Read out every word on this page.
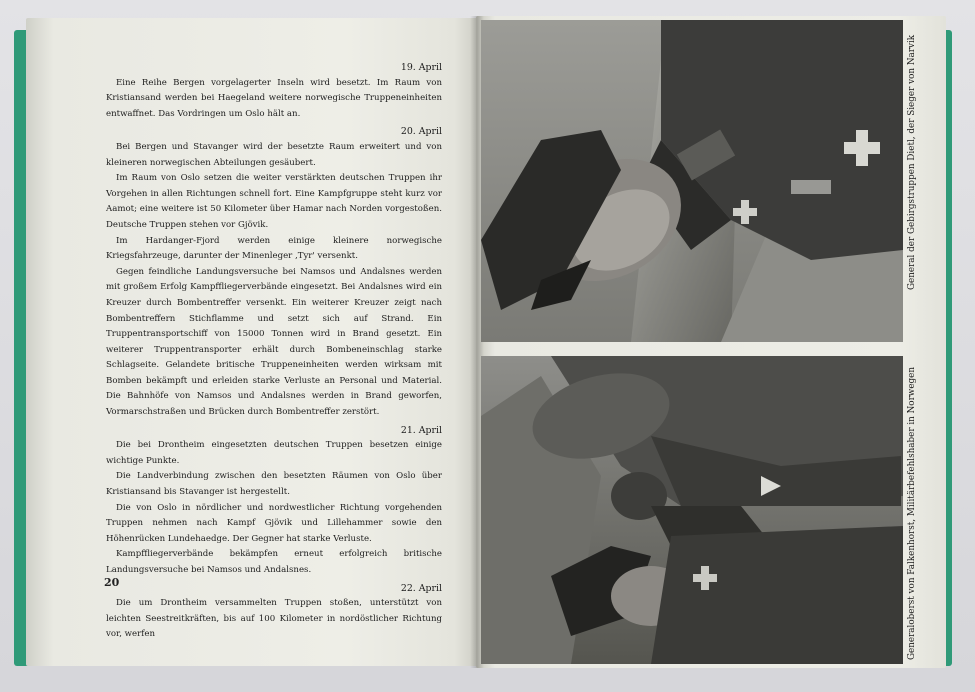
19. April

Eine Reihe Bergen vorgelagerter Inseln wird besetzt. Im Raum von Kristiansand werden bei Haegeland weitere norwegische Truppeneinheiten entwaffnet. Das Vordringen um Oslo hält an.

20. April

Bei Bergen und Stavanger wird der besetzte Raum erweitert und von kleineren norwegischen Abteilungen gesäubert.

Im Raum von Oslo setzen die weiter verstärkten deutschen Truppen ihr Vorgehen in allen Richtungen schnell fort. Eine Kampfgruppe steht kurz vor Aamot; eine weitere ist 50 Kilometer über Hamar nach Norden vorgestoßen. Deutsche Truppen stehen vor Gjövik.

Im Hardanger-Fjord werden einige kleinere norwegische Kriegsfahrzeuge, darunter der Minenleger ‚Tyr' versenkt.

Gegen feindliche Landungsversuche bei Namsos und Andalsnes werden mit großem Erfolg Kampffliegerverbände eingesetzt. Bei Andalsnes wird ein Kreuzer durch Bombentreffer versenkt. Ein weiterer Kreuzer zeigt nach Bombentreffern Stichflamme und setzt sich auf Strand. Ein Truppentransportschiff von 15000 Tonnen wird in Brand gesetzt. Ein weiterer Truppentransporter erhält durch Bombeneinschlag starke Schlagseite. Gelandete britische Truppeneinheiten werden wirksam mit Bomben bekämpft und erleiden starke Verluste an Personal und Material. Die Bahnhöfe von Namsos und Andalsnes werden in Brand geworfen, Vormarschstraßen und Brücken durch Bombentreffer zerstört.

21. April

Die bei Drontheim eingesetzten deutschen Truppen besetzen einige wichtige Punkte.

Die Landverbindung zwischen den besetzten Räumen von Oslo über Kristiansand bis Stavanger ist hergestellt.

Die von Oslo in nördlicher und nordwestlicher Richtung vorgehenden Truppen nehmen nach Kampf Gjövik und Lillehammer sowie den Höhenrücken Lundehaedge. Der Gegner hat starke Verluste.

Kampffliegerverbände bekämpfen erneut erfolgreich britische Landungsversuche bei Namsos und Andalsnes.

22. April

Die um Drontheim versammelten Truppen stoßen, unterstützt von leichten Seestreitkräften, bis auf 100 Kilometer in nordöstlicher Richtung vor, werfen

20
General der Gebirgstruppen Dietl, der Sieger von Narvik
Generaloberst von Falkenhorst, Militärbefehlshaber in Norwegen
